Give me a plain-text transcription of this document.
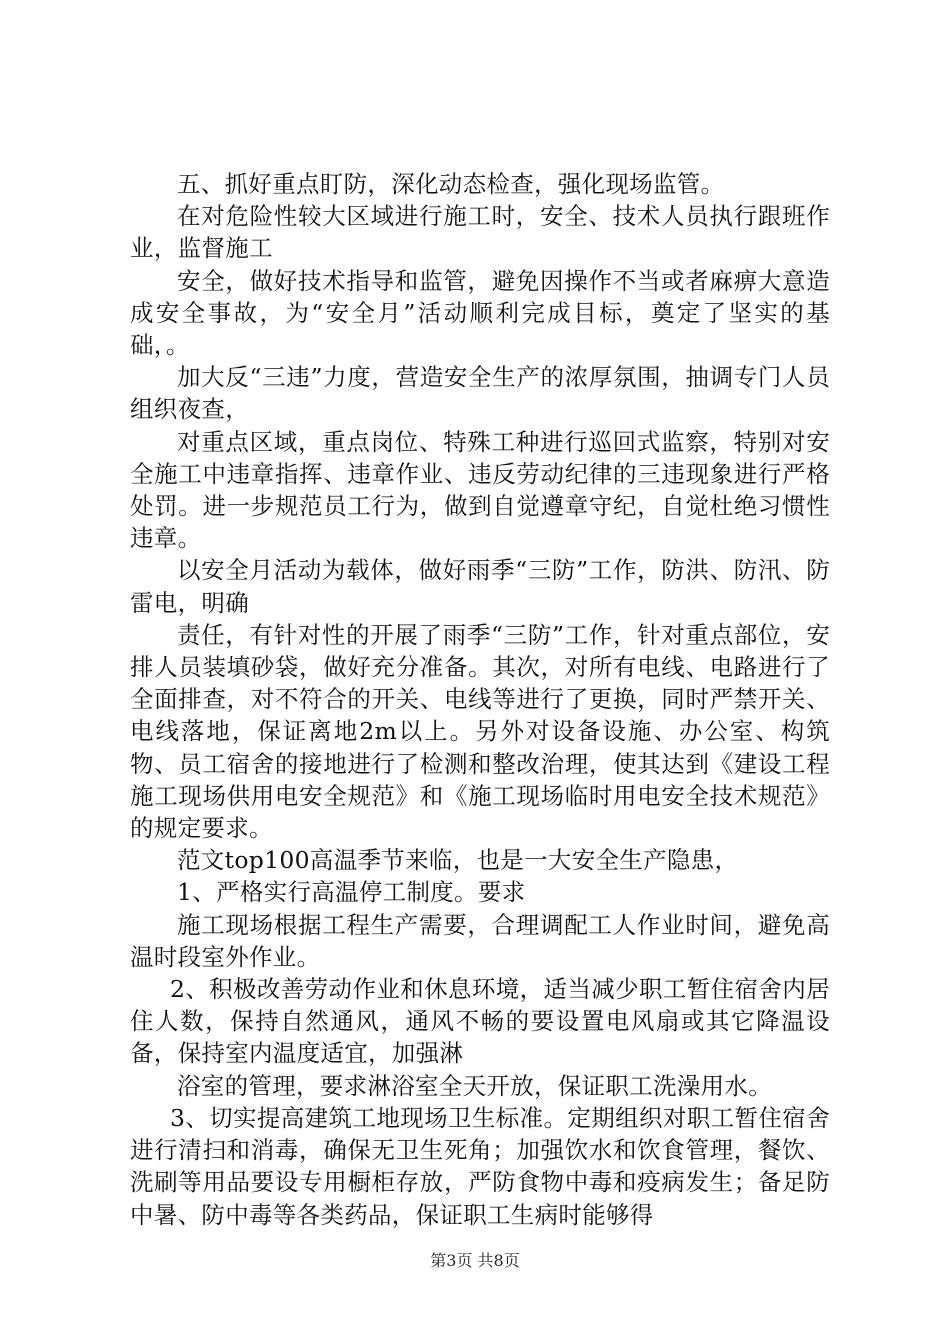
五、抓好重点盯防，深化动态检查，强化现场监管。

在对危险性较大区域进行施工时，安全、技术人员执行跟班作业，监督施工

安全，做好技术指导和监管，避免因操作不当或者麻痹大意造成安全事故，为“安全月”活动顺利完成目标，奠定了坚实的基础，。

加大反“三违”力度，营造安全生产的浓厚氛围，抽调专门人员组织夜查，

对重点区域，重点岗位、特殊工种进行巡回式监察，特别对安全施工中违章指挥、违章作业、违反劳动纪律的三违现象进行严格处罚。进一步规范员工行为，做到自觉遵章守纪，自觉杜绝习惯性违章。

以安全月活动为载体，做好雨季“三防”工作，防洪、防汛、防雷电，明确

责任，有针对性的开展了雨季“三防”工作，针对重点部位，安排人员装填砂袋，做好充分准备。其次，对所有电线、电路进行了全面排查，对不符合的开关、电线等进行了更换，同时严禁开关、电线落地，保证离地2m以上。另外对设备设施、办公室、构筑物、员工宿舍的接地进行了检测和整改治理，使其达到《建设工程施工现场供用电安全规范》和《施工现场临时用电安全技术规范》的规定要求。

范文top100高温季节来临，也是一大安全生产隐患，

1、严格实行高温停工制度。要求

施工现场根据工程生产需要，合理调配工人作业时间，避免高温时段室外作业。

2、积极改善劳动作业和休息环境，适当减少职工暂住宿舍内居住人数，保持自然通风，通风不畅的要设置电风扇或其它降温设备，保持室内温度适宜，加强淋

浴室的管理，要求淋浴室全天开放，保证职工洗澡用水。

3、切实提高建筑工地现场卫生标准。定期组织对职工暂住宿舍进行清扫和消毒，确保无卫生死角；加强饮水和饮食管理，餐饮、洗刷等用品要设专用橱柜存放，严防食物中毒和疫病发生；备足防中暑、防中毒等各类药品，保证职工生病时能够得

第3页 共8页
